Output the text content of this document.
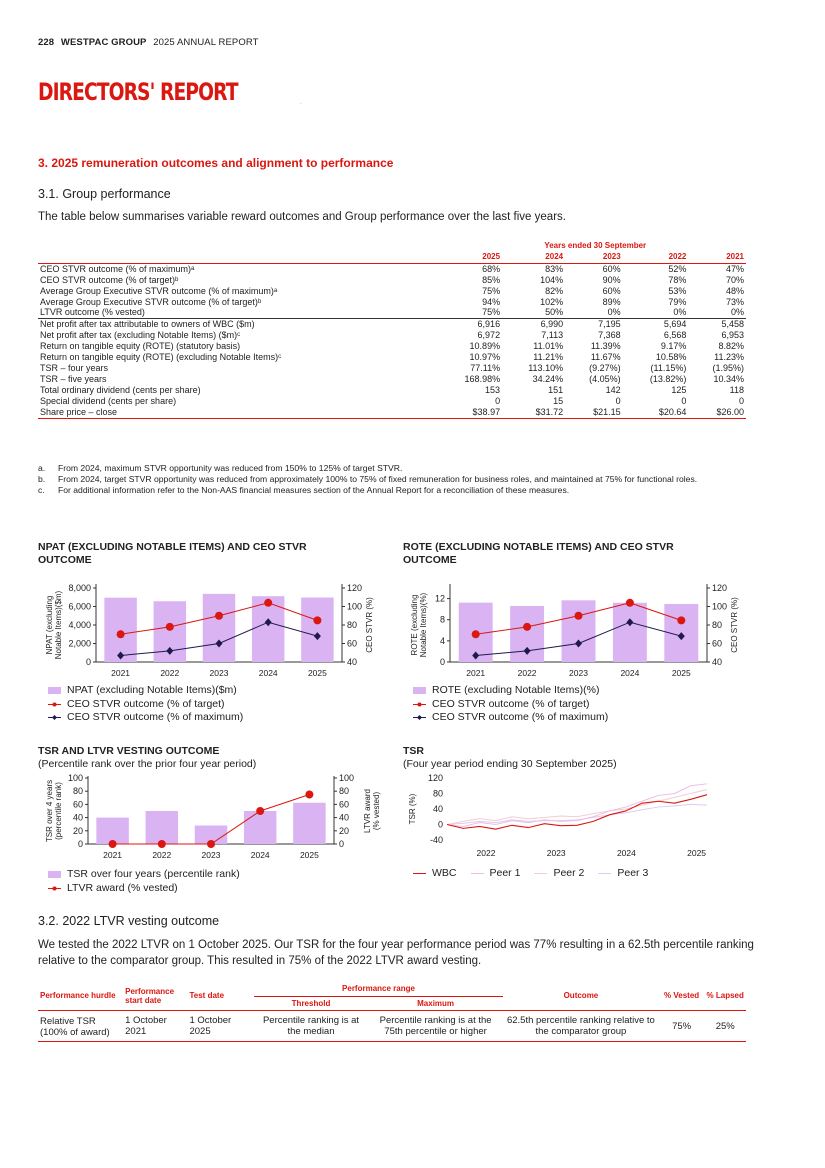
228 WESTPAC GROUP 2025 ANNUAL REPORT
DIRECTORS' REPORT	.
3. 2025 remuneration outcomes and alignment to performance
3.1. Group performance
The table below summarises variable reward outcomes and Group performance over the last five years.
		Years ended 30 September			
	2025	2024	2023	2022	2021
CEO STVR outcome (% of maximum)ᵃ	68%	83%	60%	52%	47%
CEO STVR outcome (% of target)ᵇ	85%	104%	90%	78%	70%
Average Group Executive STVR outcome (% of maximum)ᵃ	75%	82%	60%	53%	48%
Average Group Executive STVR outcome (% of target)ᵇ	94%	102%	89%	79%	73%
LTVR outcome (% vested)	75%	50%	0%	0%	0%
Net profit after tax attributable to owners of WBC ($m)	6,916	6,990	7,195	5,694	5,458
Net profit after tax (excluding Notable Items) ($m)ᶜ	6,972	7,113	7,368	6,568	6,953
Return on tangible equity (ROTE) (statutory basis)	10.89%	11.01%	11.39%	9.17%	8.82%
Return on tangible equity (ROTE) (excluding Notable Items)ᶜ	10.97%	11.21%	11.67%	10.58%	11.23%
TSR – four years	77.11%	113.10%	(9.27%)	(11.15%)	(1.95%)
TSR – five years	168.98%	34.24%	(4.05%)	(13.82%)	10.34%
Total ordinary dividend (cents per share)	153	151	142	125	118
Special dividend (cents per share)	0	15	0	0	0
Share price – close	$38.97	$31.72	$21.15	$20.64	$26.00
a.	From 2024, maximum STVR opportunity was reduced from 150% to 125% of target STVR.
b.	From 2024, target STVR opportunity was reduced from approximately 100% to 75% of fixed remuneration for business roles, and maintained at 75% for functional roles.
c.	For additional information refer to the Non-AAS financial measures section of the Annual Report for a reconciliation of these measures.
NPAT (EXCLUDING NOTABLE ITEMS) AND CEO STVR OUTCOME
0
2,000
4,000
6,000
8,000
40
60
80
100
120
NPAT (excludingNotable Items)($m)	CEO STVR (%)
2021	2022	2023	2024	2025
NPAT (excluding Notable Items)($m)
CEO STVR outcome (% of target)
CEO STVR outcome (% of maximum)
ROTE (EXCLUDING NOTABLE ITEMS) AND CEO STVR OUTCOME
0
4
8
12
40
60
80
100
120
ROTE (excludingNotable Items)(%)	CEO STVR (%)
2021	2022	2023	2024	2025
ROTE (excluding Notable Items)(%)
CEO STVR outcome (% of target)
CEO STVR outcome (% of maximum)
TSR AND LTVR VESTING OUTCOME
(Percentile rank over the prior four year period)
0
20
40
60
80
100
0
20
40
60
80
100
TSR over 4 years(percentile rank)	LTVR award(% vested)
2021	2022	2023	2024	2025
TSR over four years (percentile rank)
LTVR award (% vested)
TSR
(Four year period ending 30 September 2025)
-40
0
40
80
120
TSR (%)
2022	2023	2024	2025
WBC	Peer 1	Peer 2	Peer 3
3.2. 2022 LTVR vesting outcome
We tested the 2022 LTVR on 1 October 2025. Our TSR for the four year performance period was 77% resulting in a 62.5th percentile ranking relative to the comparator group. This resulted in 75% of the 2022 LTVR award vesting.
Performance hurdle	Performance start date	Test date	Performance range		Outcome	% Vested	% Lapsed
			Threshold	Maximum			
Relative TSR (100% of award)	1 October 2021	1 October 2025	Percentile ranking is at the median	Percentile ranking is at the 75th percentile or higher	62.5th percentile ranking relative to the comparator group	75%	25%
